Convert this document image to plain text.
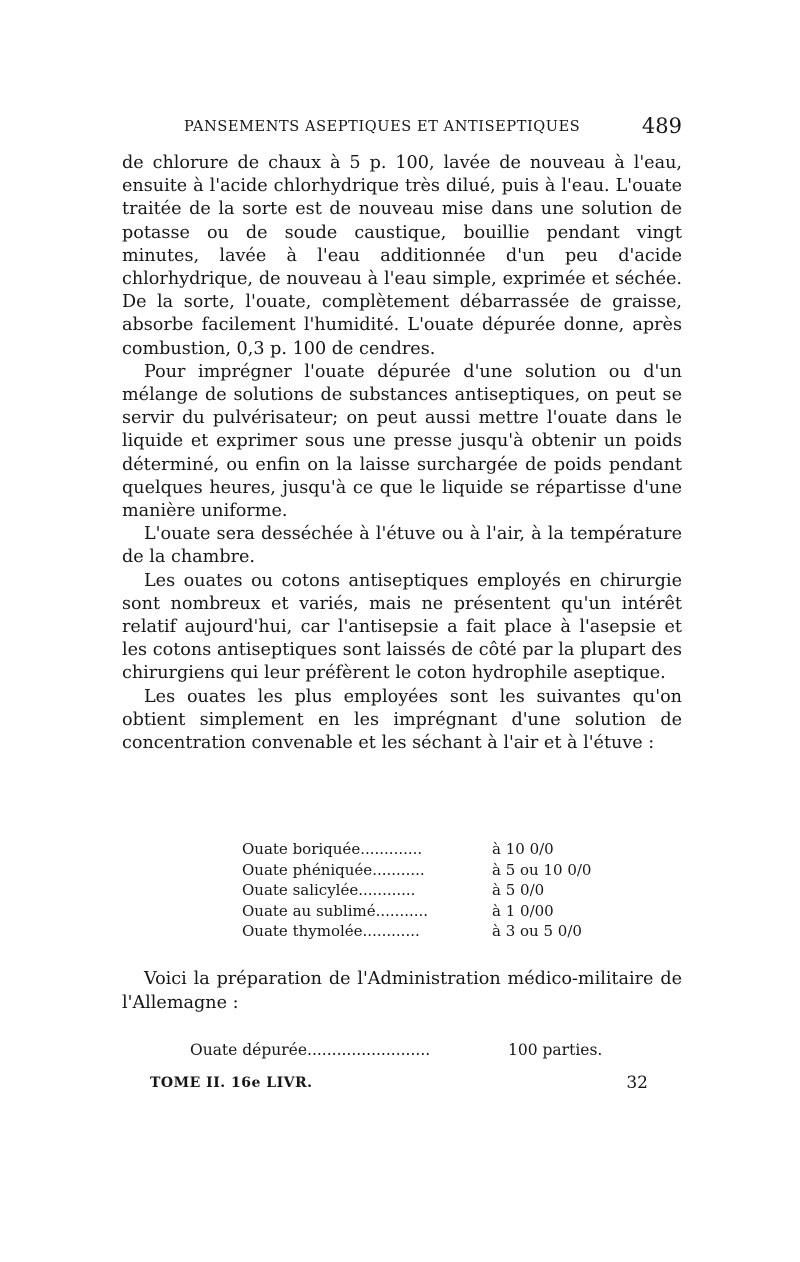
PANSEMENTS ASEPTIQUES ET ANTISEPTIQUES	489

de chlorure de chaux à 5 p. 100, lavée de nouveau à l'eau, ensuite à l'acide chlorhydrique très dilué, puis à l'eau. L'ouate traitée de la sorte est de nouveau mise dans une solution de potasse ou de soude caustique, bouillie pendant vingt minutes, lavée à l'eau additionnée d'un peu d'acide chlorhydrique, de nouveau à l'eau simple, exprimée et séchée. De la sorte, l'ouate, complètement débarrassée de graisse, absorbe facilement l'humidité. L'ouate dépurée donne, après combustion, 0,3 p. 100 de cendres.

Pour imprégner l'ouate dépurée d'une solution ou d'un mélange de solutions de substances antiseptiques, on peut se servir du pulvérisateur; on peut aussi mettre l'ouate dans le liquide et exprimer sous une presse jusqu'à obtenir un poids déterminé, ou enfin on la laisse surchargée de poids pendant quelques heures, jusqu'à ce que le liquide se répartisse d'une manière uniforme.

L'ouate sera desséchée à l'étuve ou à l'air, à la température de la chambre.

Les ouates ou cotons antiseptiques employés en chirurgie sont nombreux et variés, mais ne présentent qu'un intérêt relatif aujourd'hui, car l'antisepsie a fait place à l'asepsie et les cotons antiseptiques sont laissés de côté par la plupart des chirurgiens qui leur préfèrent le coton hydrophile aseptique.

Les ouates les plus employées sont les suivantes qu'on obtient simplement en les imprégnant d'une solution de concentration convenable et les séchant à l'air et à l'étuve :

Ouate boriquée.............	à 10 0/0
Ouate phéniquée...........	à 5 ou 10 0/0
Ouate salicylée............	à 5 0/0
Ouate au sublimé...........	à 1 0/00
Ouate thymolée............	à 3 ou 5 0/0

Voici la préparation de l'Administration médico-militaire de l'Allemagne :

Ouate dépurée.........................	100 parties.
TOME II. 16e LIVR.	32
